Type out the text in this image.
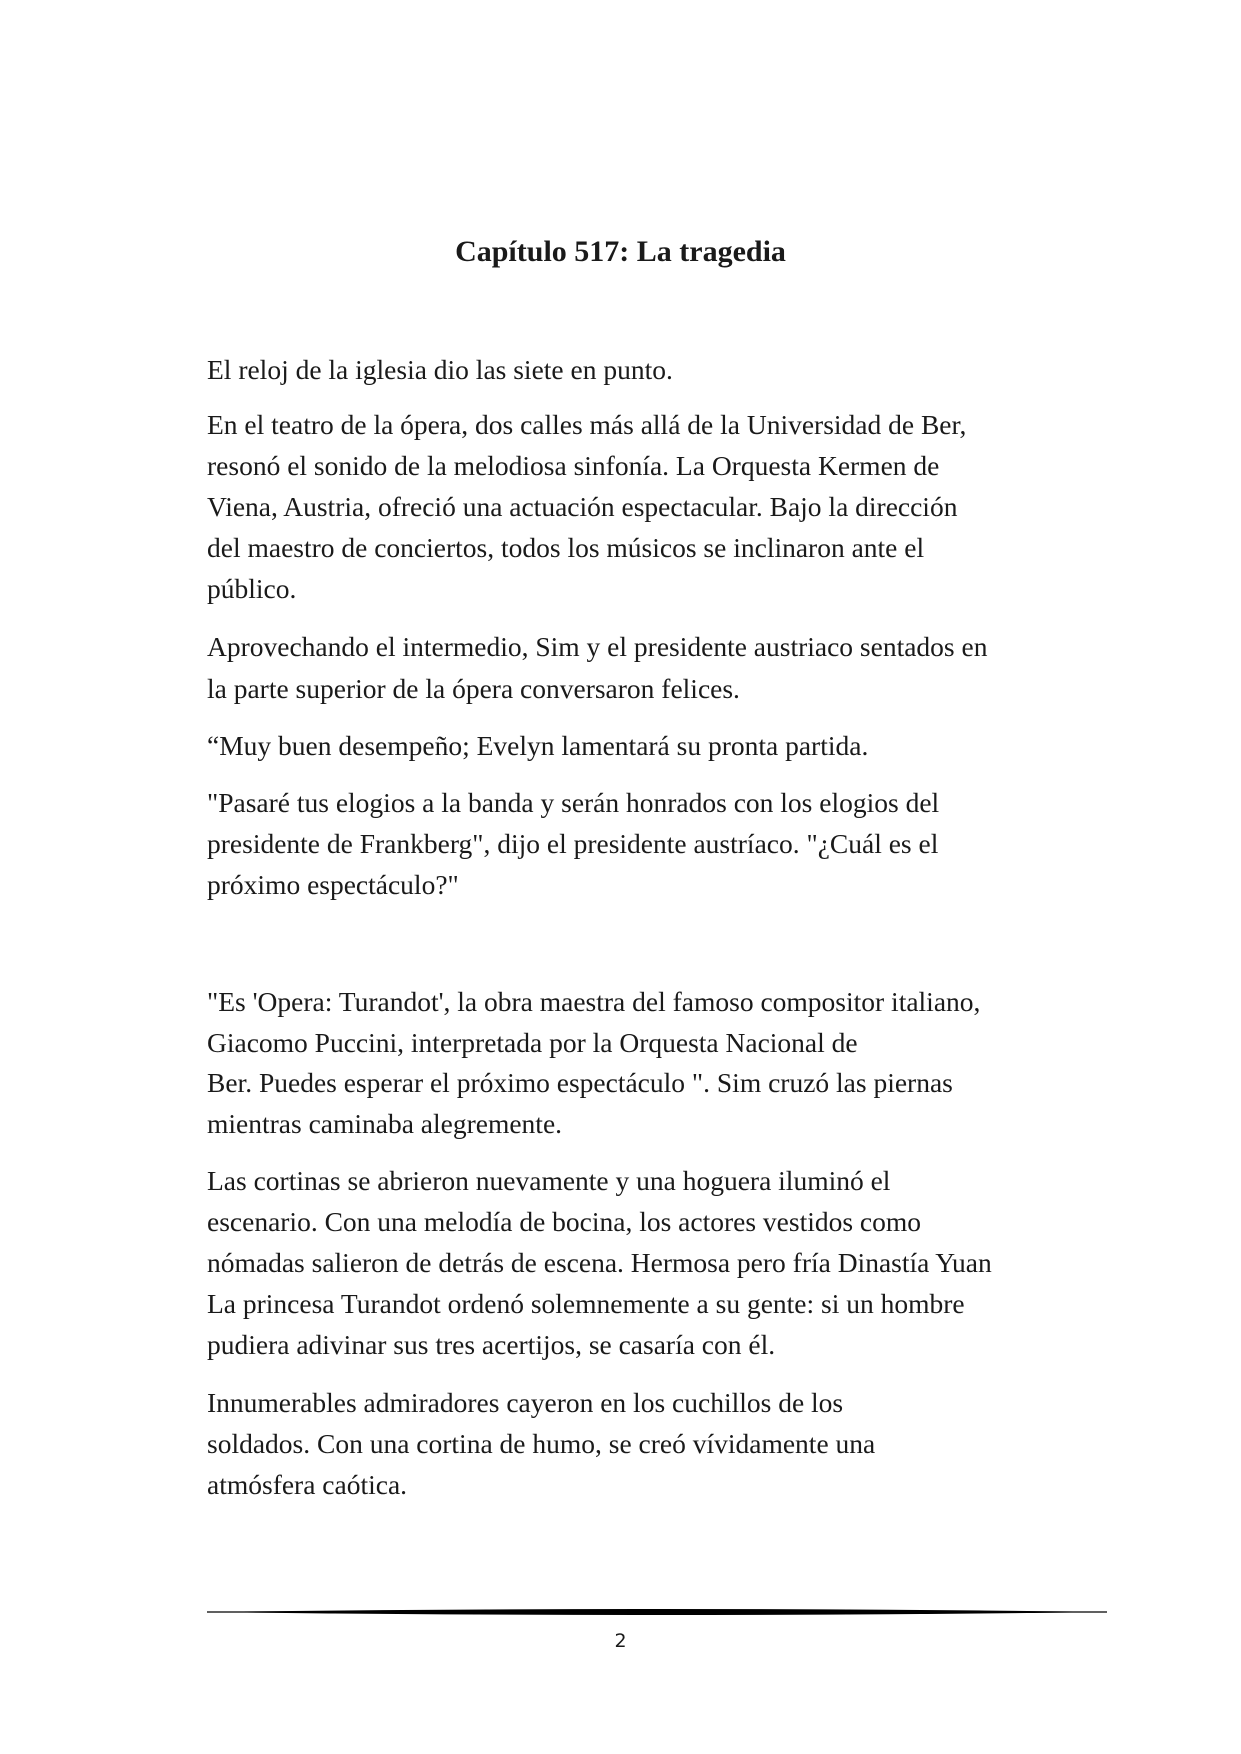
Capítulo 517: La tragedia

El reloj de la iglesia dio las siete en punto.

En el teatro de la ópera, dos calles más allá de la Universidad de Ber,

resonó el sonido de la melodiosa sinfonía. La Orquesta Kermen de

Viena, Austria, ofreció una actuación espectacular. Bajo la dirección

del maestro de conciertos, todos los músicos se inclinaron ante el

público.

Aprovechando el intermedio, Sim y el presidente austriaco sentados en

la parte superior de la ópera conversaron felices.

“Muy buen desempeño; Evelyn lamentará su pronta partida.

"Pasaré tus elogios a la banda y serán honrados con los elogios del

presidente de Frankberg", dijo el presidente austríaco. "¿Cuál es el

próximo espectáculo?"

"Es 'Opera: Turandot', la obra maestra del famoso compositor italiano,

Giacomo Puccini, interpretada por la Orquesta Nacional de

Ber. Puedes esperar el próximo espectáculo ". Sim cruzó las piernas

mientras caminaba alegremente.

Las cortinas se abrieron nuevamente y una hoguera iluminó el

escenario. Con una melodía de bocina, los actores vestidos como

nómadas salieron de detrás de escena. Hermosa pero fría Dinastía Yuan

La princesa Turandot ordenó solemnemente a su gente: si un hombre

pudiera adivinar sus tres acertijos, se casaría con él.

Innumerables admiradores cayeron en los cuchillos de los

soldados. Con una cortina de humo, se creó vívidamente una

atmósfera caótica.

2
